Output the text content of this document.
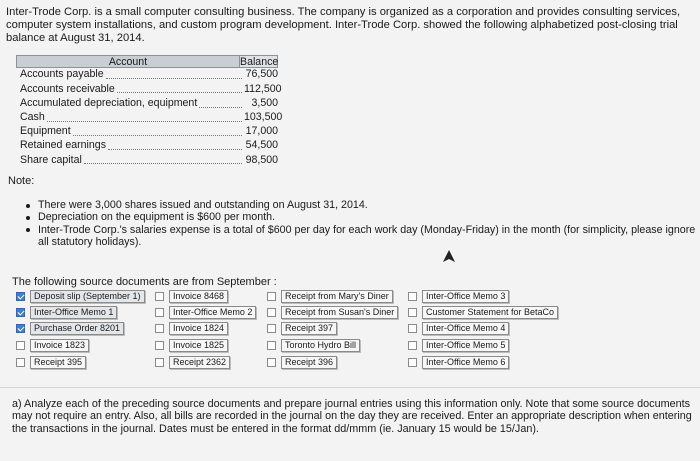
Inter-Trode Corp. is a small computer consulting business. The company is organized as a corporation and provides consulting services, computer system installations, and custom program development. Inter-Trode Corp. showed the following alphabetized post-closing trial balance at August 31, 2014.
Account	Balance
Accounts payable	76,500
Accounts receivable	112,500
Accumulated depreciation, equipment	3,500
Cash	103,500
Equipment	17,000
Retained earnings	54,500
Share capital	98,500
Note:
There were 3,000 shares issued and outstanding on August 31, 2014.
Depreciation on the equipment is $600 per month.
Inter-Trode Corp.'s salaries expense is a total of $600 per day for each work day (Monday-Friday) in the month (for simplicity, please ignore all statutory holidays).
The following source documents are from September :
Deposit slip (September 1)
Inter-Office Memo 1
Purchase Order 8201
Invoice 1823
Receipt 395
Invoice 8468
Inter-Office Memo 2
Invoice 1824
Invoice 1825
Receipt 2362
Receipt from Mary's Diner
Receipt from Susan's Diner
Receipt 397
Toronto Hydro Bill
Receipt 396
Inter-Office Memo 3
Customer Statement for BetaCo
Inter-Office Memo 4
Inter-Office Memo 5
Inter-Office Memo 6
a) Analyze each of the preceding source documents and prepare journal entries using this information only. Note that some source documents may not require an entry. Also, all bills are recorded in the journal on the day they are received. Enter an appropriate description when entering the transactions in the journal. Dates must be entered in the format dd/mmm (ie. January 15 would be 15/Jan).
